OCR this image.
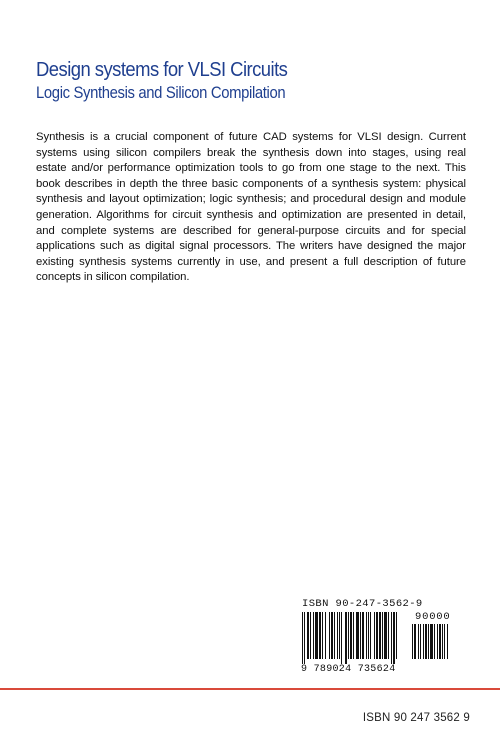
Design systems for VLSI Circuits
Logic Synthesis and Silicon Compilation

Synthesis is a crucial component of future CAD systems for VLSI design. Current systems using silicon compilers break the synthesis down into stages, using real estate and/or performance optimization tools to go from one stage to the next. This book describes in depth the three basic components of a synthesis system: physical synthesis and layout optimization; logic synthesis; and procedural design and module generation. Algorithms for circuit synthesis and optimization are presented in detail, and complete systems are described for general-purpose circuits and for special applications such as digital signal processors. The writers have designed the major existing synthesis systems currently in use, and present a full description of future concepts in silicon compilation.

ISBN 90-247-3562-9
90000
9 789024 735624
ISBN 90 247 3562 9
